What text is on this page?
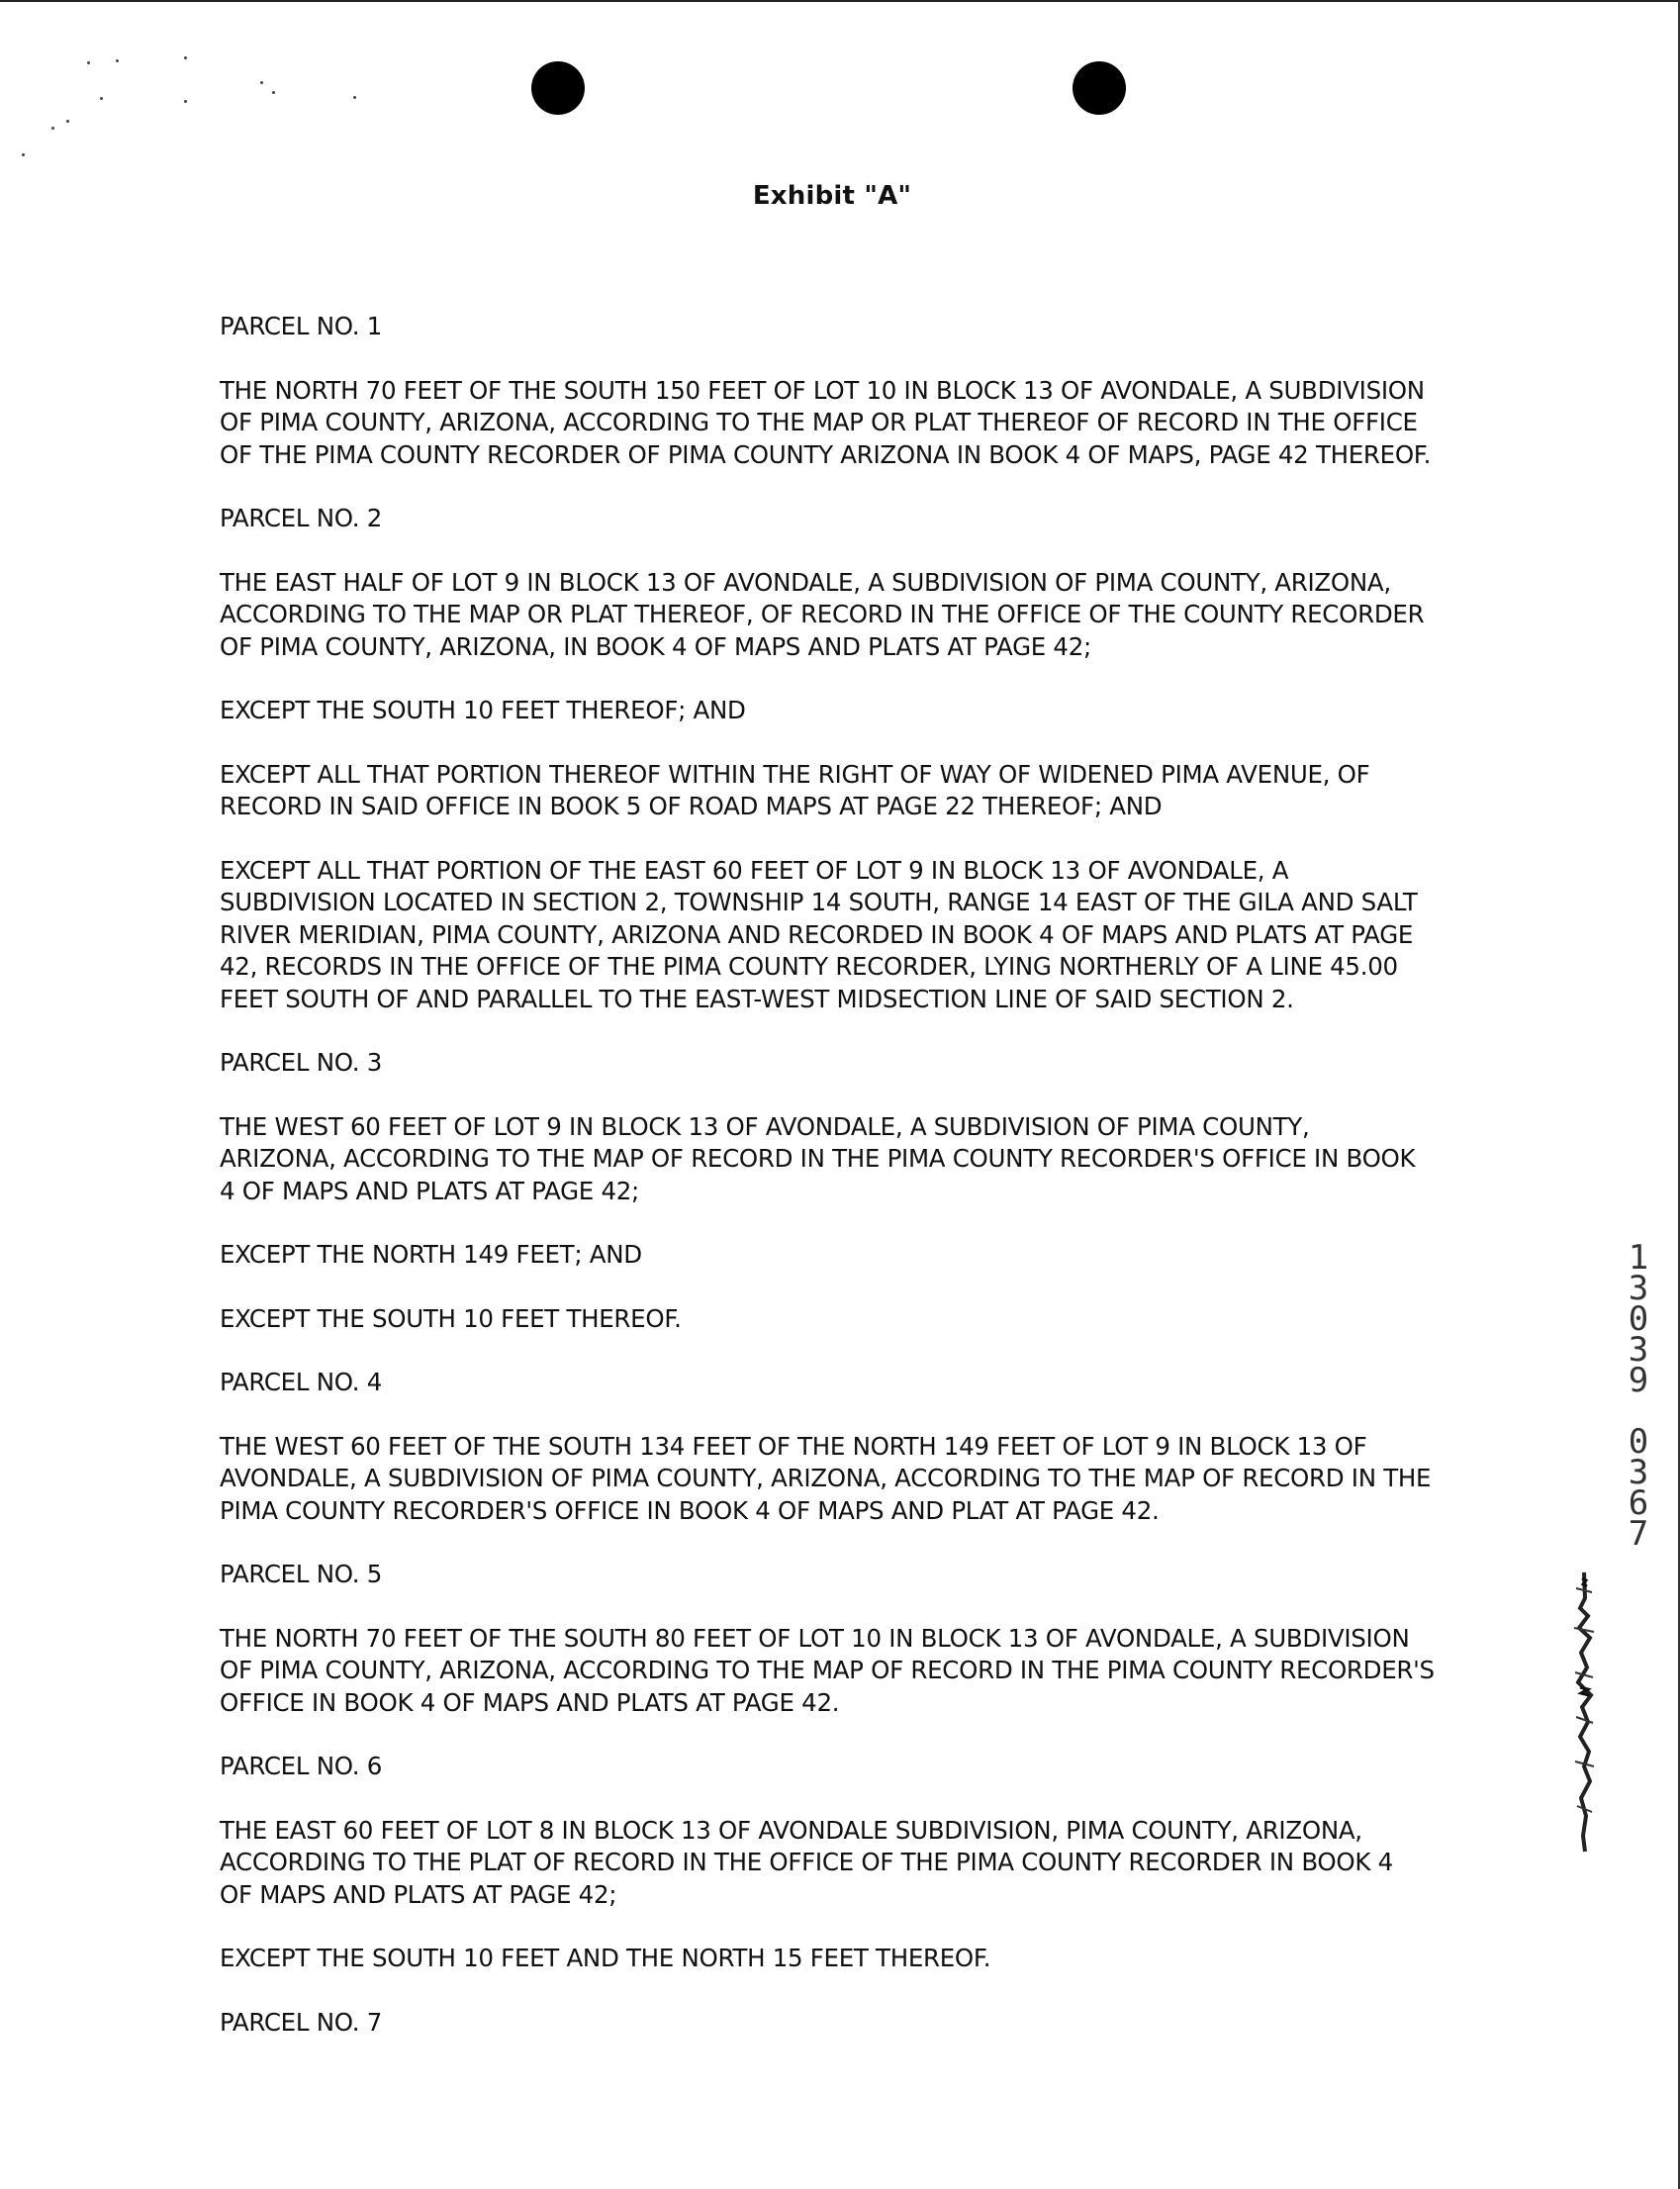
Exhibit "A"
PARCEL NO. 1
THE NORTH 70 FEET OF THE SOUTH 150 FEET OF LOT 10 IN BLOCK 13 OF AVONDALE, A SUBDIVISION
OF PIMA COUNTY, ARIZONA, ACCORDING TO THE MAP OR PLAT THEREOF OF RECORD IN THE OFFICE
OF THE PIMA COUNTY RECORDER OF PIMA COUNTY ARIZONA IN BOOK 4 OF MAPS, PAGE 42 THEREOF.
PARCEL NO. 2
THE EAST HALF OF LOT 9 IN BLOCK 13 OF AVONDALE, A SUBDIVISION OF PIMA COUNTY, ARIZONA,
ACCORDING TO THE MAP OR PLAT THEREOF, OF RECORD IN THE OFFICE OF THE COUNTY RECORDER
OF PIMA COUNTY, ARIZONA, IN BOOK 4 OF MAPS AND PLATS AT PAGE 42;
EXCEPT THE SOUTH 10 FEET THEREOF; AND
EXCEPT ALL THAT PORTION THEREOF WITHIN THE RIGHT OF WAY OF WIDENED PIMA AVENUE, OF
RECORD IN SAID OFFICE IN BOOK 5 OF ROAD MAPS AT PAGE 22 THEREOF; AND
EXCEPT ALL THAT PORTION OF THE EAST 60 FEET OF LOT 9 IN BLOCK 13 OF AVONDALE, A
SUBDIVISION LOCATED IN SECTION 2, TOWNSHIP 14 SOUTH, RANGE 14 EAST OF THE GILA AND SALT
RIVER MERIDIAN, PIMA COUNTY, ARIZONA AND RECORDED IN BOOK 4 OF MAPS AND PLATS AT PAGE
42, RECORDS IN THE OFFICE OF THE PIMA COUNTY RECORDER, LYING NORTHERLY OF A LINE 45.00
FEET SOUTH OF AND PARALLEL TO THE EAST-WEST MIDSECTION LINE OF SAID SECTION 2.
PARCEL NO. 3
THE WEST 60 FEET OF LOT 9 IN BLOCK 13 OF AVONDALE, A SUBDIVISION OF PIMA COUNTY,
ARIZONA, ACCORDING TO THE MAP OF RECORD IN THE PIMA COUNTY RECORDER'S OFFICE IN BOOK
4 OF MAPS AND PLATS AT PAGE 42;
EXCEPT THE NORTH 149 FEET; AND
EXCEPT THE SOUTH 10 FEET THEREOF.
PARCEL NO. 4
THE WEST 60 FEET OF THE SOUTH 134 FEET OF THE NORTH 149 FEET OF LOT 9 IN BLOCK 13 OF
AVONDALE, A SUBDIVISION OF PIMA COUNTY, ARIZONA, ACCORDING TO THE MAP OF RECORD IN THE
PIMA COUNTY RECORDER'S OFFICE IN BOOK 4 OF MAPS AND PLAT AT PAGE 42.
PARCEL NO. 5
THE NORTH 70 FEET OF THE SOUTH 80 FEET OF LOT 10 IN BLOCK 13 OF AVONDALE, A SUBDIVISION
OF PIMA COUNTY, ARIZONA, ACCORDING TO THE MAP OF RECORD IN THE PIMA COUNTY RECORDER'S
OFFICE IN BOOK 4 OF MAPS AND PLATS AT PAGE 42.
PARCEL NO. 6
THE EAST 60 FEET OF LOT 8 IN BLOCK 13 OF AVONDALE SUBDIVISION, PIMA COUNTY, ARIZONA,
ACCORDING TO THE PLAT OF RECORD IN THE OFFICE OF THE PIMA COUNTY RECORDER IN BOOK 4
OF MAPS AND PLATS AT PAGE 42;
EXCEPT THE SOUTH 10 FEET AND THE NORTH 15 FEET THEREOF.
PARCEL NO. 7
1
3
0
3
9

0
3
6
7
